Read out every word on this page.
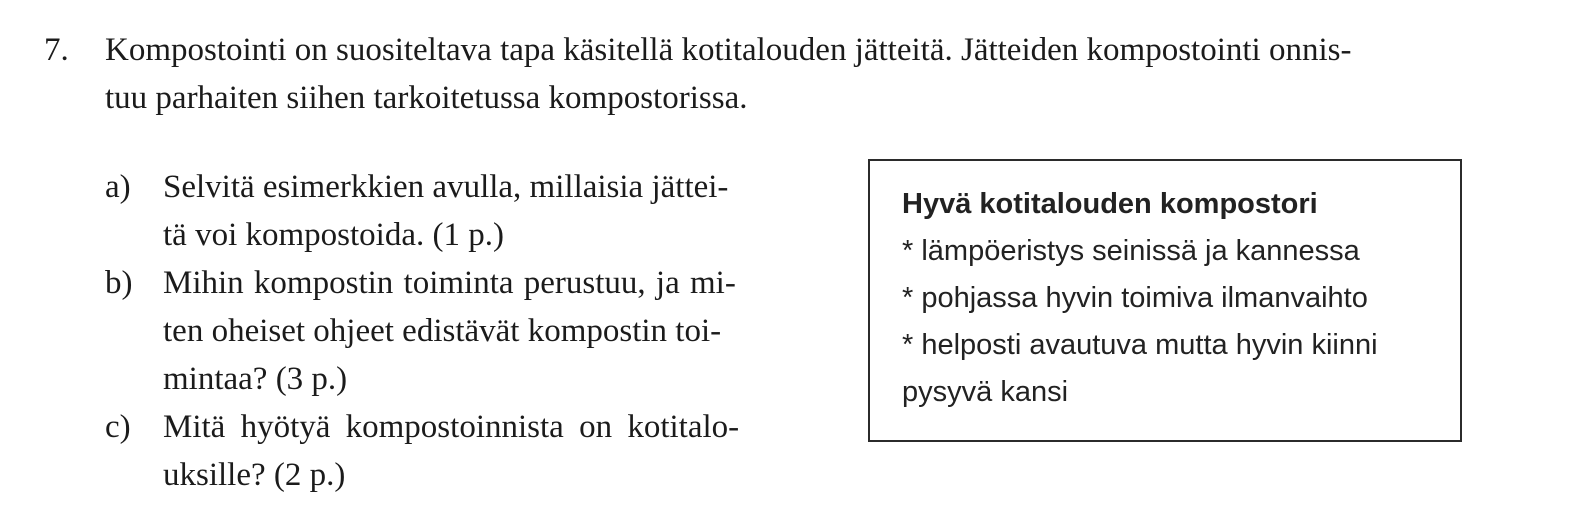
7.	Kompostointi on suositeltava tapa käsitellä kotitalouden jätteitä. Jätteiden kompostointi onnis-
tuu parhaiten siihen tarkoitetussa kompostorissa.
a) Selvitä esimerkkien avulla, millaisia jättei-
tä voi kompostoida. (1 p.)
b) Mihin kompostin toiminta perustuu, ja mi-
ten oheiset ohjeet edistävät kompostin toi-
mintaa? (3 p.)
c) Mitä hyötyä kompostoinnista on kotitalo-
uksille? (2 p.)
Hyvä kotitalouden kompostori
* lämpöeristys seinissä ja kannessa
* pohjassa hyvin toimiva ilmanvaihto
* helposti avautuva mutta hyvin kiinni
pysyvä kansi
